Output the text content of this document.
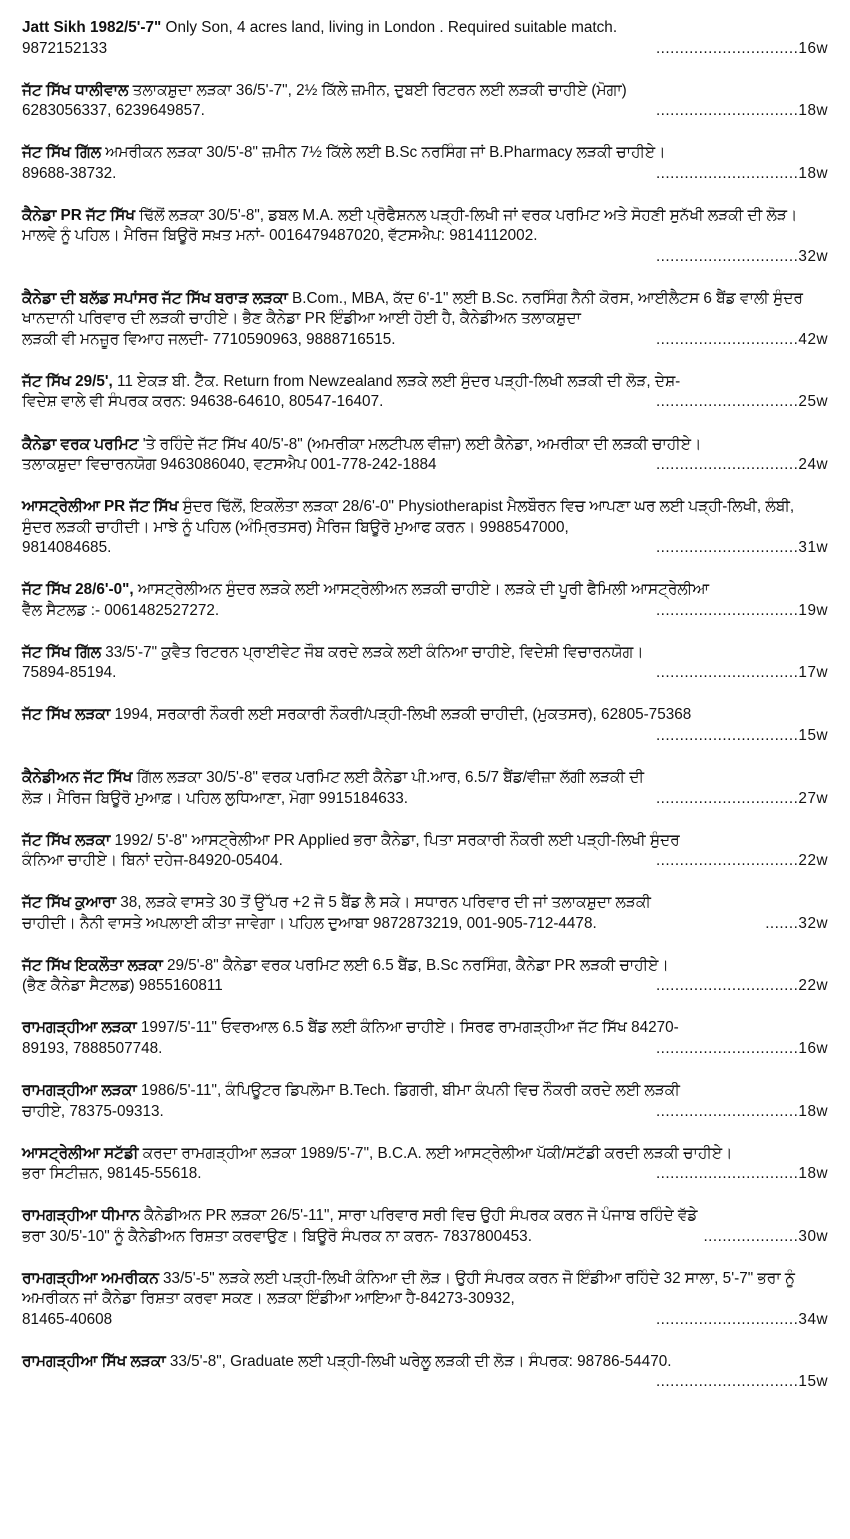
Jatt Sikh 1982/5'-7" Only Son, 4 acres land, living in London . Required suitable match.
9872152133	..............................16w
ਜੱਟ ਸਿੱਖ ਧਾਲੀਵਾਲ ਤਲਾਕਸ਼ੁਦਾ ਲੜਕਾ 36/5'-7", 2½ ਕਿੱਲੇ ਜ਼ਮੀਨ, ਦੁਬਈ ਰਿਟਰਨ ਲਈ ਲੜਕੀ ਚਾਹੀਏ (ਮੋਗਾ)
6283056337, 6239649857.	..............................18w
ਜੱਟ ਸਿੱਖ ਗਿੱਲ ਅਮਰੀਕਨ ਲੜਕਾ 30/5'-8" ਜ਼ਮੀਨ 7½ ਕਿੱਲੇ ਲਈ B.Sc ਨਰਸਿੰਗ ਜਾਂ B.Pharmacy ਲੜਕੀ ਚਾਹੀਏ।
89688-38732.	..............................18w
ਕੈਨੇਡਾ PR ਜੱਟ ਸਿੱਖ ਢਿੱਲੋਂ ਲੜਕਾ 30/5'-8", ਡਬਲ M.A. ਲਈ ਪ੍ਰੋਫੈਸ਼ਨਲ ਪੜ੍ਹੀ-ਲਿਖੀ ਜਾਂ ਵਰਕ ਪਰਮਿਟ ਅਤੇ ਸੋਹਣੀ ਸੁਨੱਖੀ ਲੜਕੀ ਦੀ ਲੋੜ। ਮਾਲਵੇ ਨੂੰ ਪਹਿਲ। ਮੈਰਿਜ ਬਿਊਰੋ ਸਖ਼ਤ ਮਨਾਂ- 0016479487020, ਵੱਟਸਐਪ: 9814112002.
..............................32w
ਕੈਨੇਡਾ ਦੀ ਬਲੱਡ ਸਪਾਂਸਰ ਜੱਟ ਸਿੱਖ ਬਰਾੜ ਲੜਕਾ B.Com., MBA, ਕੱਦ 6'-1" ਲਈ B.Sc. ਨਰਸਿੰਗ ਨੈਨੀ ਕੋਰਸ, ਆਈਲੈਟਸ 6 ਬੈਂਡ ਵਾਲੀ ਸੁੰਦਰ ਖਾਨਦਾਨੀ ਪਰਿਵਾਰ ਦੀ ਲੜਕੀ ਚਾਹੀਏ। ਭੈਣ ਕੈਨੇਡਾ PR ਇੰਡੀਆ ਆਈ ਹੋਈ ਹੈ, ਕੈਨੇਡੀਅਨ ਤਲਾਕਸ਼ੁਦਾ
ਲੜਕੀ ਵੀ ਮਨਜ਼ੂਰ ਵਿਆਹ ਜਲਦੀ- 7710590963, 9888716515.	..............................42w
ਜੱਟ ਸਿੱਖ 29/5', 11 ਏਕੜ ਬੀ. ਟੈੱਕ. Return from Newzealand ਲੜਕੇ ਲਈ ਸੁੰਦਰ ਪੜ੍ਹੀ-ਲਿਖੀ ਲੜਕੀ ਦੀ ਲੋੜ, ਦੇਸ਼-
ਵਿਦੇਸ਼ ਵਾਲੇ ਵੀ ਸੰਪਰਕ ਕਰਨ: 94638-64610, 80547-16407.	..............................25w
ਕੈਨੇਡਾ ਵਰਕ ਪਰਮਿਟ 'ਤੇ ਰਹਿੰਦੇ ਜੱਟ ਸਿੱਖ 40/5'-8" (ਅਮਰੀਕਾ ਮਲਟੀਪਲ ਵੀਜ਼ਾ) ਲਈ ਕੈਨੇਡਾ, ਅਮਰੀਕਾ ਦੀ ਲੜਕੀ ਚਾਹੀਏ।
ਤਲਾਕਸ਼ੁਦਾ ਵਿਚਾਰਨਯੋਗ 9463086040, ਵਟਸਐਪ 001-778-242-1884	..............................24w
ਆਸਟ੍ਰੇਲੀਆ PR ਜੱਟ ਸਿੱਖ ਸੁੰਦਰ ਢਿੱਲੋਂ, ਇਕਲੌਤਾ ਲੜਕਾ 28/6'-0" Physiotherapist ਮੈਲਬੌਰਨ ਵਿਚ ਆਪਣਾ ਘਰ ਲਈ ਪੜ੍ਹੀ-ਲਿਖੀ, ਲੰਬੀ, ਸੁੰਦਰ ਲੜਕੀ ਚਾਹੀਦੀ। ਮਾਝੇ ਨੂੰ ਪਹਿਲ (ਅੰਮ੍ਰਿਤਸਰ) ਮੈਰਿਜ ਬਿਊਰੋ ਮੁਆਫ ਕਰਨ। 9988547000,
9814084685.	..............................31w
ਜੱਟ ਸਿੱਖ 28/6'-0", ਆਸਟ੍ਰੇਲੀਅਨ ਸੁੰਦਰ ਲੜਕੇ ਲਈ ਆਸਟ੍ਰੇਲੀਅਨ ਲੜਕੀ ਚਾਹੀਏ। ਲੜਕੇ ਦੀ ਪੂਰੀ ਫੈਮਿਲੀ ਆਸਟ੍ਰੇਲੀਆ
ਵੈੱਲ ਸੈਟਲਡ :- 0061482527272.	..............................19w
ਜੱਟ ਸਿੱਖ ਗਿੱਲ 33/5'-7" ਕੁਵੈਤ ਰਿਟਰਨ ਪ੍ਰਾਈਵੇਟ ਜੌਬ ਕਰਦੇ ਲੜਕੇ ਲਈ ਕੰਨਿਆ ਚਾਹੀਏ, ਵਿਦੇਸ਼ੀ ਵਿਚਾਰਨਯੋਗ।
75894-85194.	..............................17w
ਜੱਟ ਸਿੱਖ ਲੜਕਾ 1994, ਸਰਕਾਰੀ ਨੌਕਰੀ ਲਈ ਸਰਕਾਰੀ ਨੌਕਰੀ/ਪੜ੍ਹੀ-ਲਿਖੀ ਲੜਕੀ ਚਾਹੀਦੀ, (ਮੁਕਤਸਰ), 62805-75368
..............................15w
ਕੈਨੇਡੀਅਨ ਜੱਟ ਸਿੱਖ ਗਿੱਲ ਲੜਕਾ 30/5'-8" ਵਰਕ ਪਰਮਿਟ ਲਈ ਕੈਨੇਡਾ ਪੀ.ਆਰ, 6.5/7 ਬੈਂਡ/ਵੀਜ਼ਾ ਲੱਗੀ ਲੜਕੀ ਦੀ
ਲੋੜ। ਮੈਰਿਜ ਬਿਊਰੋ ਮੁਆਫ਼। ਪਹਿਲ ਲੁਧਿਆਣਾ, ਮੋਗਾ 9915184633.	..............................27w
ਜੱਟ ਸਿੱਖ ਲੜਕਾ 1992/ 5'-8" ਆਸਟ੍ਰੇਲੀਆ PR Applied ਭਰਾ ਕੈਨੇਡਾ, ਪਿਤਾ ਸਰਕਾਰੀ ਨੌਕਰੀ ਲਈ ਪੜ੍ਹੀ-ਲਿਖੀ ਸੁੰਦਰ
ਕੰਨਿਆ ਚਾਹੀਏ। ਬਿਨਾਂ ਦਹੇਜ-84920-05404.	..............................22w
ਜੱਟ ਸਿੱਖ ਕੁਆਰਾ 38, ਲੜਕੇ ਵਾਸਤੇ 30 ਤੋਂ ਉੱਪਰ +2 ਜੋ 5 ਬੈਂਡ ਲੈ ਸਕੇ। ਸਧਾਰਨ ਪਰਿਵਾਰ ਦੀ ਜਾਂ ਤਲਾਕਸ਼ੁਦਾ ਲੜਕੀ
ਚਾਹੀਦੀ। ਨੈਨੀ ਵਾਸਤੇ ਅਪਲਾਈ ਕੀਤਾ ਜਾਵੇਗਾ। ਪਹਿਲ ਦੁਆਬਾ 9872873219, 001-905-712-4478.	.......32w
ਜੱਟ ਸਿੱਖ ਇਕਲੌਤਾ ਲੜਕਾ 29/5'-8" ਕੈਨੇਡਾ ਵਰਕ ਪਰਮਿਟ ਲਈ 6.5 ਬੈਂਡ, B.Sc ਨਰਸਿੰਗ, ਕੈਨੇਡਾ PR ਲੜਕੀ ਚਾਹੀਏ।
(ਭੈਣ ਕੈਨੇਡਾ ਸੈਟਲਡ) 9855160811	..............................22w
ਰਾਮਗੜ੍ਹੀਆ ਲੜਕਾ 1997/5'-11" ਓਵਰਆਲ 6.5 ਬੈਂਡ ਲਈ ਕੰਨਿਆ ਚਾਹੀਏ। ਸਿਰਫ ਰਾਮਗੜ੍ਹੀਆ ਜੱਟ ਸਿੱਖ 84270-
89193, 7888507748.	..............................16w
ਰਾਮਗੜ੍ਹੀਆ ਲੜਕਾ 1986/5'-11", ਕੰਪਿਊਟਰ ਡਿਪਲੋਮਾ B.Tech. ਡਿਗਰੀ, ਬੀਮਾ ਕੰਪਨੀ ਵਿਚ ਨੌਕਰੀ ਕਰਦੇ ਲਈ ਲੜਕੀ
ਚਾਹੀਏ, 78375-09313.	..............................18w
ਆਸਟ੍ਰੇਲੀਆ ਸਟੱਡੀ ਕਰਦਾ ਰਾਮਗੜ੍ਹੀਆ ਲੜਕਾ 1989/5'-7", B.C.A. ਲਈ ਆਸਟ੍ਰੇਲੀਆ ਪੱਕੀ/ਸਟੱਡੀ ਕਰਦੀ ਲੜਕੀ ਚਾਹੀਏ।
ਭਰਾ ਸਿਟੀਜ਼ਨ, 98145-55618.	..............................18w
ਰਾਮਗੜ੍ਹੀਆ ਧੀਮਾਨ ਕੈਨੇਡੀਅਨ PR ਲੜਕਾ 26/5'-11", ਸਾਰਾ ਪਰਿਵਾਰ ਸਰੀ ਵਿਚ ਉਹੀ ਸੰਪਰਕ ਕਰਨ ਜੋ ਪੰਜਾਬ ਰਹਿੰਦੇ ਵੱਡੇ
ਭਰਾ 30/5'-10" ਨੂੰ ਕੈਨੇਡੀਅਨ ਰਿਸ਼ਤਾ ਕਰਵਾਉਣ। ਬਿਊਰੋ ਸੰਪਰਕ ਨਾ ਕਰਨ- 7837800453.	....................30w
ਰਾਮਗੜ੍ਹੀਆ ਅਮਰੀਕਨ 33/5'-5" ਲੜਕੇ ਲਈ ਪੜ੍ਹੀ-ਲਿਖੀ ਕੰਨਿਆ ਦੀ ਲੋੜ। ਉਹੀ ਸੰਪਰਕ ਕਰਨ ਜੋ ਇੰਡੀਆ ਰਹਿੰਦੇ 32 ਸਾਲਾ, 5'-7" ਭਰਾ ਨੂੰ ਅਮਰੀਕਨ ਜਾਂ ਕੈਨੇਡਾ ਰਿਸ਼ਤਾ ਕਰਵਾ ਸਕਣ। ਲੜਕਾ ਇੰਡੀਆ ਆਇਆ ਹੈ-84273-30932,
81465-40608	..............................34w
ਰਾਮਗੜ੍ਹੀਆ ਸਿੱਖ ਲੜਕਾ 33/5'-8", Graduate ਲਈ ਪੜ੍ਹੀ-ਲਿਖੀ ਘਰੇਲੂ ਲੜਕੀ ਦੀ ਲੋੜ। ਸੰਪਰਕ: 98786-54470.
..............................15w
